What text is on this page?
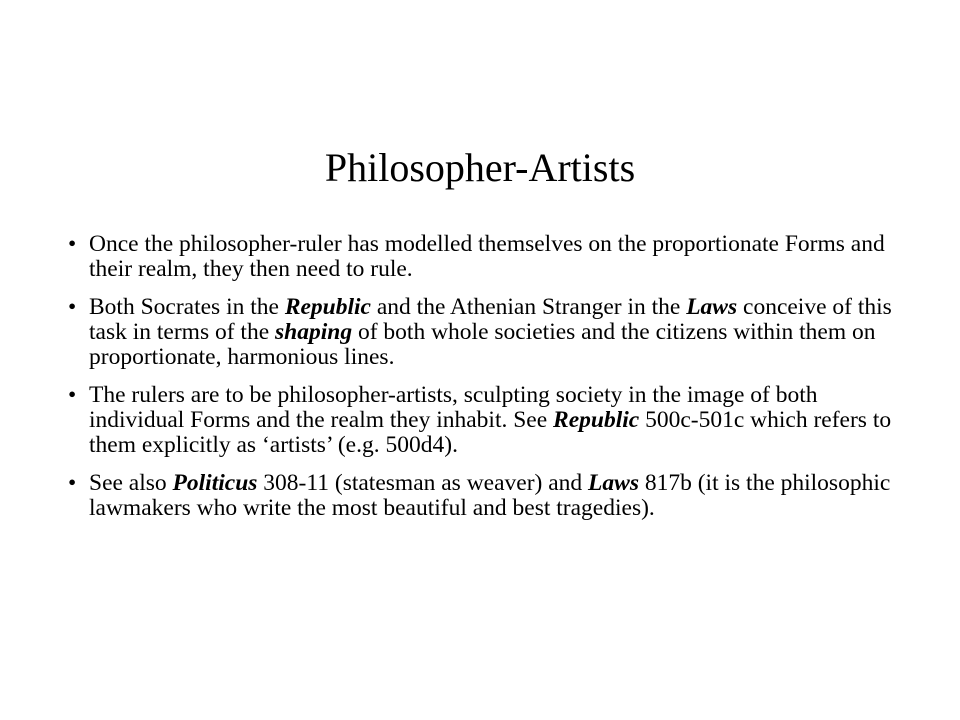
Philosopher-Artists
• Once the philosopher-ruler has modelled themselves on the proportionate Forms and their realm, they then need to rule.
• Both Socrates in the Republic and the Athenian Stranger in the Laws conceive of this task in terms of the shaping of both whole societies and the citizens within them on proportionate, harmonious lines.
• The rulers are to be philosopher-artists, sculpting society in the image of both individual Forms and the realm they inhabit. See Republic 500c-501c which refers to them explicitly as ‘artists’ (e.g. 500d4).
• See also Politicus 308-11 (statesman as weaver) and Laws 817b (it is the philosophic lawmakers who write the most beautiful and best tragedies).
